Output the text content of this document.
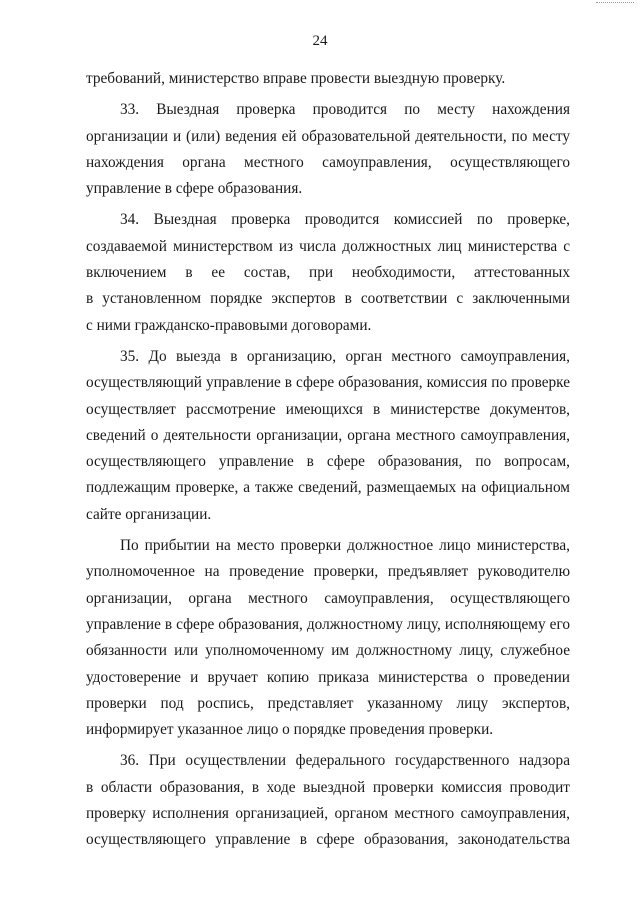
24
требований, министерство вправе провести выездную проверку.
33. Выездная проверка проводится по месту нахождения
организации и (или) ведения ей образовательной деятельности, по месту
нахождения органа местного самоуправления, осуществляющего
управление в сфере образования.
34. Выездная проверка проводится комиссией по проверке,
создаваемой министерством из числа должностных лиц министерства с
включением в ее состав, при необходимости, аттестованных
в установленном порядке экспертов в соответствии с заключенными
с ними гражданско-правовыми договорами.
35. До выезда в организацию, орган местного самоуправления,
осуществляющий управление в сфере образования, комиссия по проверке
осуществляет рассмотрение имеющихся в министерстве документов,
сведений о деятельности организации, органа местного самоуправления,
осуществляющего управление в сфере образования, по вопросам,
подлежащим проверке, а также сведений, размещаемых на официальном
сайте организации.
По прибытии на место проверки должностное лицо министерства,
уполномоченное на проведение проверки, предъявляет руководителю
организации, органа местного самоуправления, осуществляющего
управление в сфере образования, должностному лицу, исполняющему его
обязанности или уполномоченному им должностному лицу, служебное
удостоверение и вручает копию приказа министерства о проведении
проверки под роспись, представляет указанному лицу экспертов,
информирует указанное лицо о порядке проведения проверки.
36. При осуществлении федерального государственного надзора
в области образования, в ходе выездной проверки комиссия проводит
проверку исполнения организацией, органом местного самоуправления,
осуществляющего управление в сфере образования, законодательства
